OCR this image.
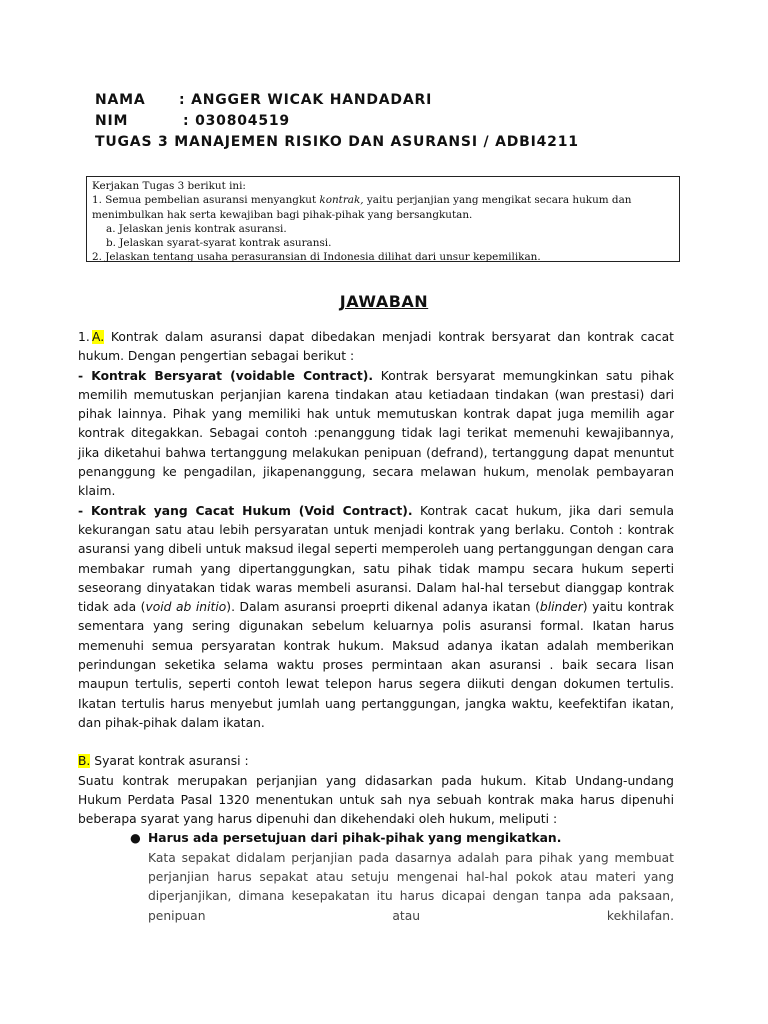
NAMA : ANGGER WICAK HANDADARI
NIM	: 030804519
TUGAS 3 MANAJEMEN RISIKO DAN ASURANSI / ADBI4211
Kerjakan Tugas 3 berikut ini:
1. Semua pembelian asuransi menyangkut kontrak, yaitu perjanjian yang mengikat secara hukum dan
menimbulkan hak serta kewajiban bagi pihak-pihak yang bersangkutan.
a. Jelaskan jenis kontrak asuransi.
b. Jelaskan syarat-syarat kontrak asuransi.
2. Jelaskan tentang usaha perasuransian di Indonesia dilihat dari unsur kepemilikan.
JAWABAN

1. A. Kontrak dalam asuransi dapat dibedakan menjadi kontrak bersyarat dan kontrak cacat hukum. Dengan pengertian sebagai berikut :

- Kontrak Bersyarat (voidable Contract). Kontrak bersyarat memungkinkan satu pihak memilih memutuskan perjanjian karena tindakan atau ketiadaan tindakan (wan prestasi) dari pihak lainnya. Pihak yang memiliki hak untuk memutuskan kontrak dapat juga memilih agar kontrak ditegakkan. Sebagai contoh :penanggung tidak lagi terikat memenuhi kewajibannya, jika diketahui bahwa tertanggung melakukan penipuan (defrand), tertanggung dapat menuntut penanggung ke pengadilan, jikapenanggung, secara melawan hukum, menolak pembayaran klaim.

- Kontrak yang Cacat Hukum (Void Contract). Kontrak cacat hukum, jika dari semula kekurangan satu atau lebih persyaratan untuk menjadi kontrak yang berlaku. Contoh : kontrak asuransi yang dibeli untuk maksud ilegal seperti memperoleh uang pertanggungan dengan cara membakar rumah yang dipertanggungkan, satu pihak tidak mampu secara hukum seperti seseorang dinyatakan tidak waras membeli asuransi. Dalam hal-hal tersebut dianggap kontrak tidak ada (void ab initio). Dalam asuransi proeprti dikenal adanya ikatan (blinder) yaitu kontrak sementara yang sering digunakan sebelum keluarnya polis asuransi formal. Ikatan harus memenuhi semua persyaratan kontrak hukum. Maksud adanya ikatan adalah memberikan perindungan seketika selama waktu proses permintaan akan asuransi . baik secara lisan maupun tertulis, seperti contoh lewat telepon harus segera diikuti dengan dokumen tertulis. Ikatan tertulis harus menyebut jumlah uang pertanggungan, jangka waktu, keefektifan ikatan, dan pihak-pihak dalam ikatan.

B. Syarat kontrak asuransi :

Suatu kontrak merupakan perjanjian yang didasarkan pada hukum. Kitab Undang-undang Hukum Perdata Pasal 1320 menentukan untuk sah nya sebuah kontrak maka harus dipenuhi beberapa syarat yang harus dipenuhi dan dikehendaki oleh hukum, meliputi :

● Harus ada persetujuan dari pihak-pihak yang mengikatkan.
Kata sepakat didalam perjanjian pada dasarnya adalah para pihak yang membuat perjanjian harus sepakat atau setuju mengenai hal-hal pokok atau materi yang diperjanjikan, dimana kesepakatan itu harus dicapai dengan tanpa ada paksaan, penipuan atau kekhilafan.
